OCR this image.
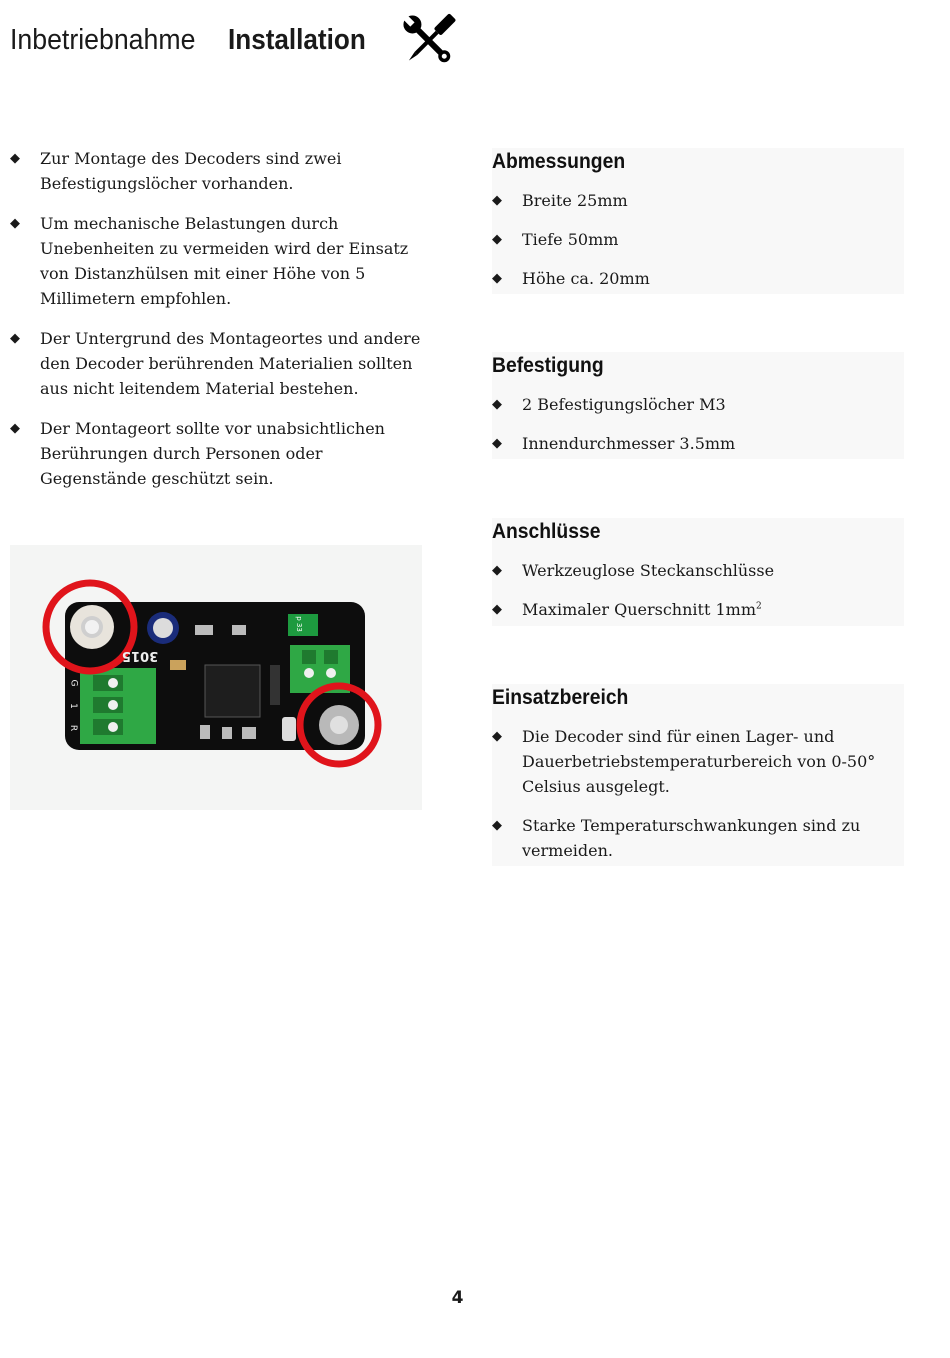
Inbetriebnahme Installation
◆ Zur Montage des Decoders sind zwei Befestigungslöcher vorhanden.
◆ Um mechanische Belastungen durch Unebenheiten zu vermeiden wird der Einsatz von Distanzhülsen mit einer Höhe von 5 Millimetern empfohlen.
◆ Der Untergrund des Montageortes und andere den Decoder berührenden Materialien sollten aus nicht leitendem Material bestehen.
◆ Der Montageort sollte vor unabsichtlichen Berührungen durch Personen oder Gegenstände geschützt sein.
3015
G
1
R
p 33
Abmessungen
◆ Breite 25mm
◆ Tiefe 50mm
◆ Höhe ca. 20mm
Befestigung
◆ 2 Befestigungslöcher M3
◆ Innendurchmesser 3.5mm
Anschlüsse
◆ Werkzeuglose Steckanschlüsse
◆ Maximaler Querschnitt $1mm^2$
Einsatzbereich
◆ Die Decoder sind für einen Lager- und Dauerbetriebstemperaturbereich von 0-50° Celsius ausgelegt.
◆ Starke Temperaturschwankungen sind zu vermeiden.
4
